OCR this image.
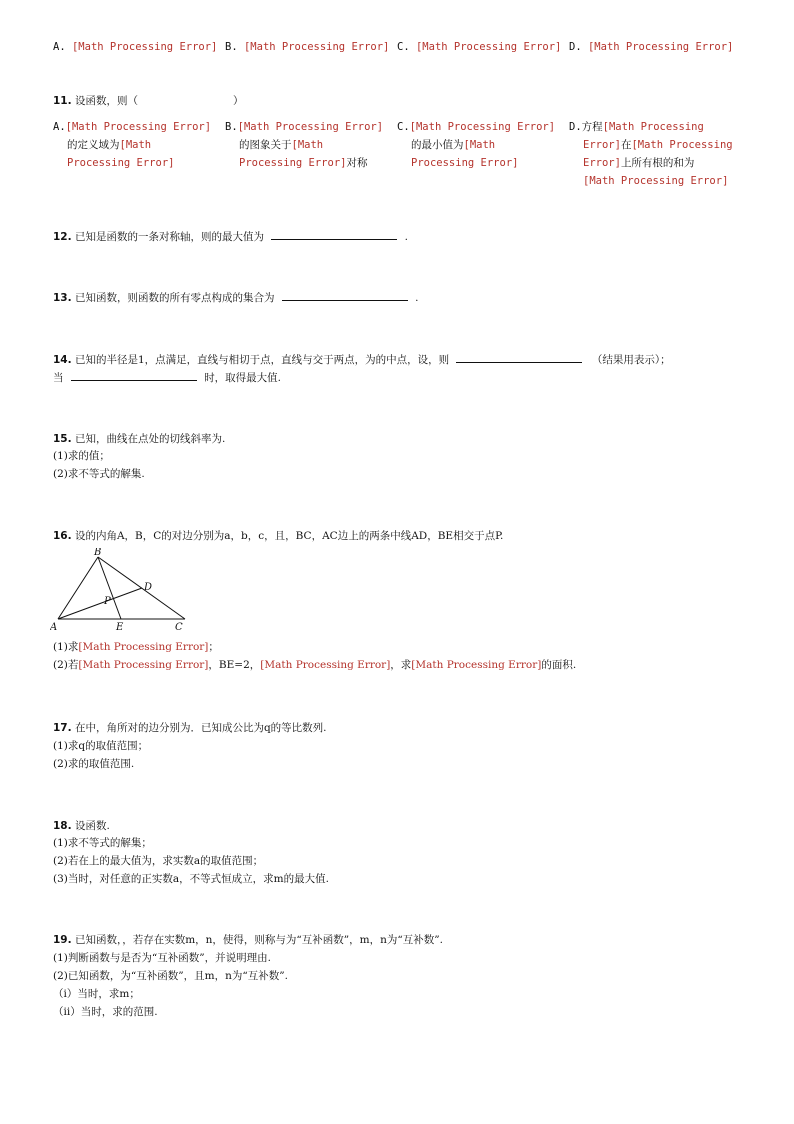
A. [Math Processing Error] B. [Math Processing Error] C. [Math Processing Error] D. [Math Processing Error]
11. 设函数，则（	）
A.[Math Processing Error]
的定义域为[Math
Processing Error]
B.[Math Processing Error]
的图象关于[Math
Processing Error]对称
C.[Math Processing Error]
的最小值为[Math
Processing Error]
D.方程[Math Processing
Error]在[Math Processing
Error]上所有根的和为
[Math Processing Error]
12. 已知是函数的一条对称轴，则的最大值为	.
13. 已知函数，则函数的所有零点构成的集合为	.
14. 已知的半径是1，点满足，直线与相切于点，直线与交于两点，为的中点，设，则	（结果用表示）；
当	时，取得最大值.
15. 已知，曲线在点处的切线斜率为.
(1)求的值；
(2)求不等式的解集.
16. 设的内角A，B，C的对边分别为a，b，c，且，BC，AC边上的两条中线AD，BE相交于点P.
B
A	C
D
E
P
(1)求[Math Processing Error]；
(2)若[Math Processing Error]，BE=2，[Math Processing Error]，求[Math Processing Error]的面积.
17. 在中，角所对的边分别为．已知成公比为q的等比数列.
(1)求q的取值范围；
(2)求的取值范围.
18. 设函数.
(1)求不等式的解集；
(2)若在上的最大值为，求实数a的取值范围；
(3)当时，对任意的正实数a，不等式恒成立，求m的最大值.
19. 已知函数，，若存在实数m，n，使得，则称与为“互补函数”，m，n为“互补数”.
(1)判断函数与是否为“互补函数”，并说明理由.
(2)已知函数，为“互补函数”，且m，n为“互补数”.
（i）当时，求m；
（ii）当时，求的范围.
